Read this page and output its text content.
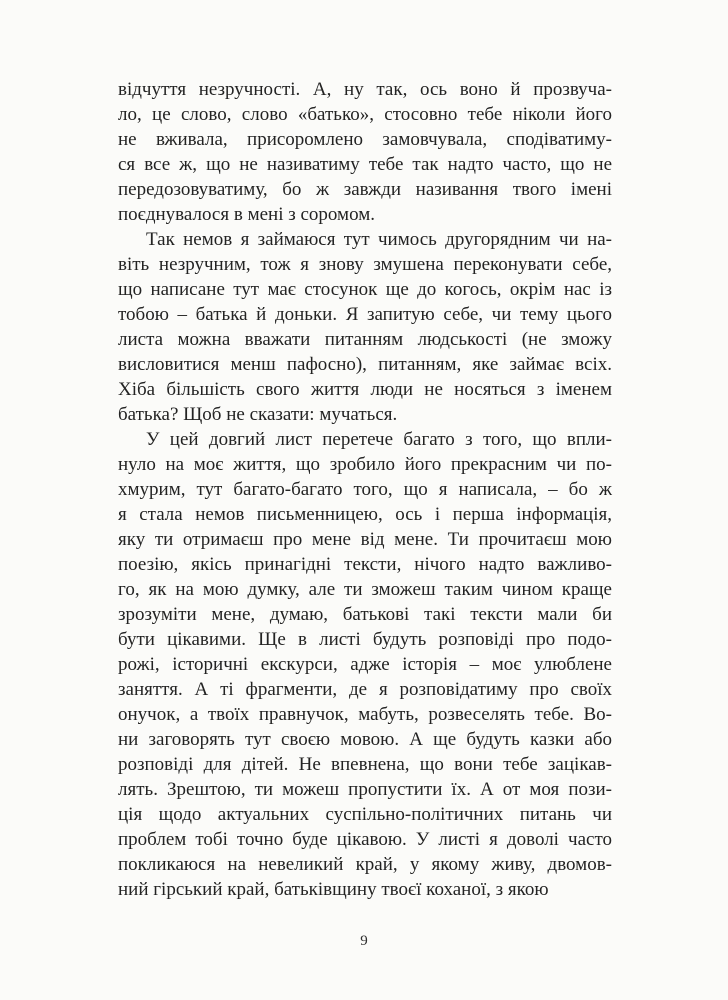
відчуття незручності. А, ну так, ось воно й прозвуча-
ло, це слово, слово «батько», стосовно тебе ніколи його
не вживала, присоромлено замовчувала, сподіватиму-
ся все ж, що не називатиму тебе так надто часто, що не
передозовуватиму, бо ж завжди називання твого імені
поєднувалося в мені з соромом.

Так немов я займаюся тут чимось другорядним чи на-
віть незручним, тож я знову змушена переконувати себе,
що написане тут має стосунок ще до когось, окрім нас із
тобою – батька й доньки. Я запитую себе, чи тему цього
листа можна вважати питанням людськості (не зможу
висловитися менш пафосно), питанням, яке займає всіх.
Хіба більшість свого життя люди не носяться з іменем
батька? Щоб не сказати: мучаться.

У цей довгий лист перетече багато з того, що впли-
нуло на моє життя, що зробило його прекрасним чи по-
хмурим, тут багато-багато того, що я написала, – бо ж
я стала немов письменницею, ось і перша інформація,
яку ти отримаєш про мене від мене. Ти прочитаєш мою
поезію, якісь принагідні тексти, нічого надто важливо-
го, як на мою думку, але ти зможеш таким чином краще
зрозуміти мене, думаю, батькові такі тексти мали би
бути цікавими. Ще в листі будуть розповіді про подо-
рожі, історичні екскурси, адже історія – моє улюблене
заняття. А ті фрагменти, де я розповідатиму про своїх
онучок, а твоїх правнучок, мабуть, розвеселять тебе. Во-
ни заговорять тут своєю мовою. А ще будуть казки або
розповіді для дітей. Не впевнена, що вони тебе зацікав-
лять. Зрештою, ти можеш пропустити їх. А от моя пози-
ція щодо актуальних суспільно-політичних питань чи
проблем тобі точно буде цікавою. У листі я доволі часто
покликаюся на невеликий край, у якому живу, двомов-
ний гірський край, батьківщину твоєї коханої, з якою

9
